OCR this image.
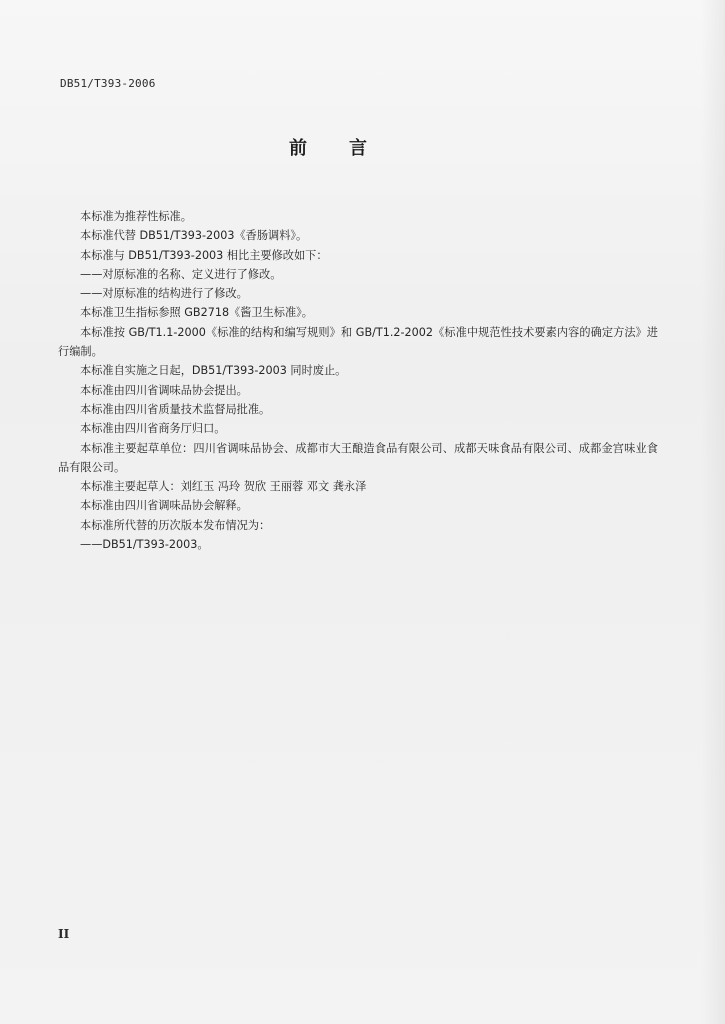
DB51/T393-2006
前言

本标准为推荐性标准。

本标准代替 DB51/T393-2003《香肠调料》。

本标准与 DB51/T393-2003 相比主要修改如下：

——对原标准的名称、定义进行了修改。

——对原标准的结构进行了修改。

本标准卫生指标参照 GB2718《酱卫生标准》。

本标准按 GB/T1.1-2000《标准的结构和编写规则》和 GB/T1.2-2002《标准中规范性技术要素内容的确定方法》进行编制。

本标准自实施之日起，DB51/T393-2003 同时废止。

本标准由四川省调味品协会提出。

本标准由四川省质量技术监督局批准。

本标准由四川省商务厅归口。

本标准主要起草单位：四川省调味品协会、成都市大王酿造食品有限公司、成都天味食品有限公司、成都金宫味业食品有限公司。

本标准主要起草人：刘红玉 冯玲 贺欣 王丽蓉 邓文 龚永泽

本标准由四川省调味品协会解释。

本标准所代替的历次版本发布情况为：

——DB51/T393-2003。

II
